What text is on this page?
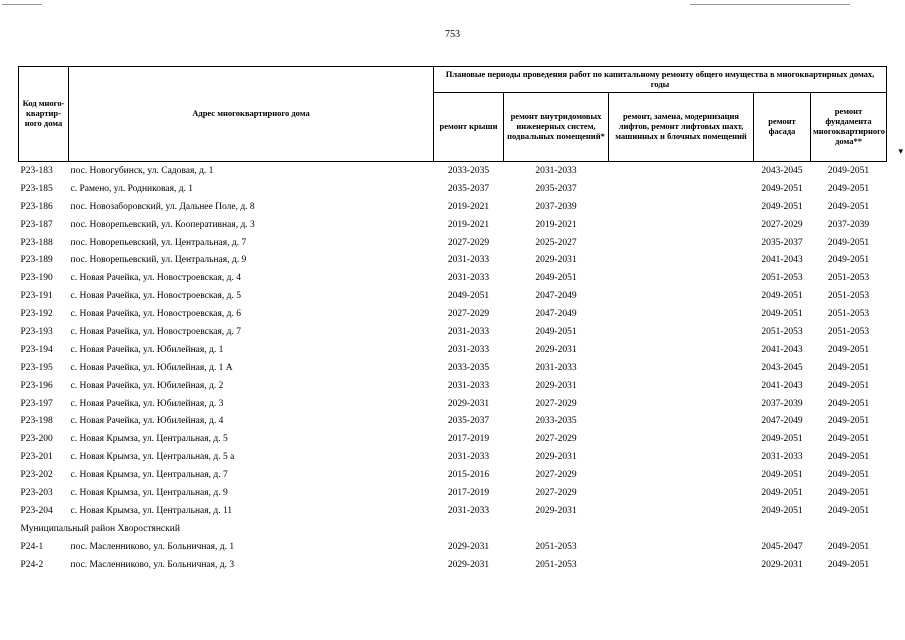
753
Код много-квартир-ного дома	Адрес многоквартирного дома	Плановые периоды проведения работ по капитальному ремонту общего имущества в многоквартирных домах, годы				
		ремонт крыши	ремонт внутридомовых инженерных систем, подвальных помещений*	ремонт, замена, модернизация лифтов, ремонт лифтовых шахт, машинных и блочных помещений	ремонт фасада	ремонт фундамента многоквартирного дома**
P23-183	пос. Новогубинск, ул. Садовая, д. 1	2033-2035	2031-2033		2043-2045	2049-2051
P23-185	с. Рамено, ул. Родниковая, д. 1	2035-2037	2035-2037		2049-2051	2049-2051
P23-186	пос. Новозаборовский, ул. Дальнее Поле, д. 8	2019-2021	2037-2039		2049-2051	2049-2051
P23-187	пос. Новорепьевский, ул. Кооперативная, д. 3	2019-2021	2019-2021		2027-2029	2037-2039
P23-188	пос. Новорепьевский, ул. Центральная, д. 7	2027-2029	2025-2027		2035-2037	2049-2051
P23-189	пос. Новорепьевский, ул. Центральная, д. 9	2031-2033	2029-2031		2041-2043	2049-2051
P23-190	с. Новая Рачейка, ул. Новостроевская, д. 4	2031-2033	2049-2051		2051-2053	2051-2053
P23-191	с. Новая Рачейка, ул. Новостроевская, д. 5	2049-2051	2047-2049		2049-2051	2051-2053
P23-192	с. Новая Рачейка, ул. Новостроевская, д. 6	2027-2029	2047-2049		2049-2051	2051-2053
P23-193	с. Новая Рачейка, ул. Новостроевская, д. 7	2031-2033	2049-2051		2051-2053	2051-2053
P23-194	с. Новая Рачейка, ул. Юбилейная, д. 1	2031-2033	2029-2031		2041-2043	2049-2051
P23-195	с. Новая Рачейка, ул. Юбилейная, д. 1 А	2033-2035	2031-2033		2043-2045	2049-2051
P23-196	с. Новая Рачейка, ул. Юбилейная, д. 2	2031-2033	2029-2031		2041-2043	2049-2051
P23-197	с. Новая Рачейка, ул. Юбилейная, д. 3	2029-2031	2027-2029		2037-2039	2049-2051
P23-198	с. Новая Рачейка, ул. Юбилейная, д. 4	2035-2037	2033-2035		2047-2049	2049-2051
P23-200	с. Новая Крымза, ул. Центральная, д. 5	2017-2019	2027-2029		2049-2051	2049-2051
P23-201	с. Новая Крымза, ул. Центральная, д. 5 а	2031-2033	2029-2031		2031-2033	2049-2051
P23-202	с. Новая Крымза, ул. Центральная, д. 7	2015-2016	2027-2029		2049-2051	2049-2051
P23-203	с. Новая Крымза, ул. Центральная, д. 9	2017-2019	2027-2029		2049-2051	2049-2051
P23-204	с. Новая Крымза, ул. Центральная, д. 11	2031-2033	2029-2031		2049-2051	2049-2051
Муниципальный район Хворостянский						
P24-1	пос. Масленниково, ул. Больничная, д. 1	2029-2031	2051-2053		2045-2047	2049-2051
P24-2	пос. Масленниково, ул. Больничная, д. 3	2029-2031	2051-2053		2029-2031	2049-2051
▾
